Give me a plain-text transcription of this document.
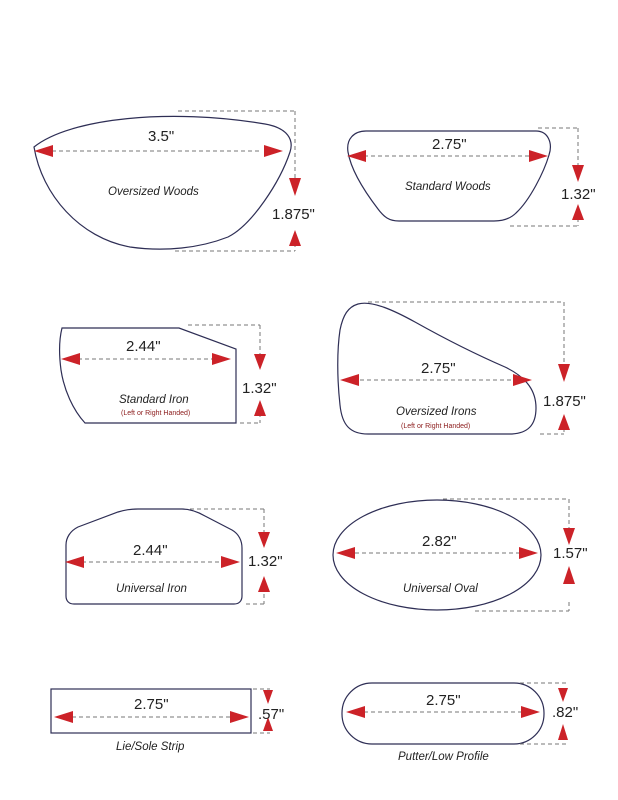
3.5"
Oversized Woods
1.875"
2.75"
Standard Woods	1.32"
2.44"
Standard Iron
(Left or Right Handed)
1.32"
2.75"
Oversized Irons
(Left or Right Handed)
1.875"
2.44"
Universal Iron
1.32"
2.82"
Universal Oval
1.57"
2.75"
Lie/Sole Strip
.57"
2.75"
Putter/Low Profile
.82"
